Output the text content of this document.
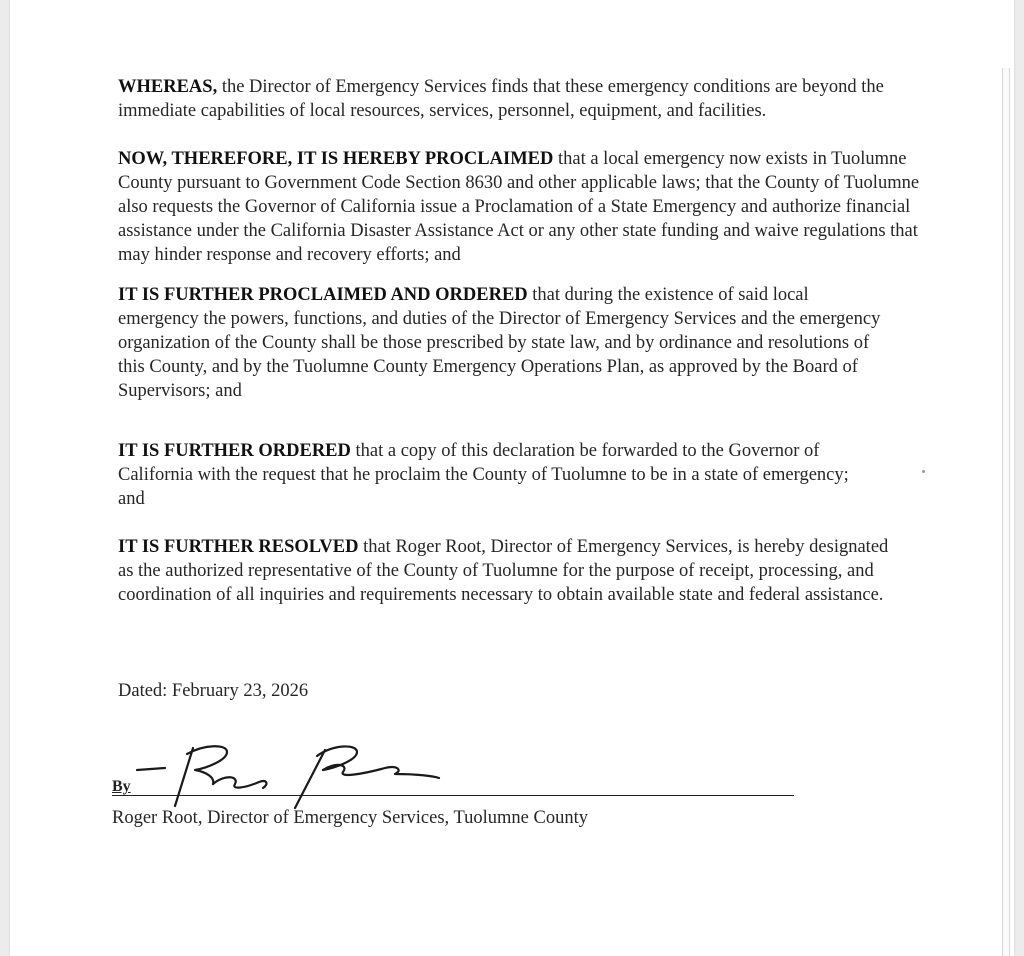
WHEREAS, the Director of Emergency Services finds that these emergency conditions are beyond the immediate capabilities of local resources, services, personnel, equipment, and facilities.

NOW, THEREFORE, IT IS HEREBY PROCLAIMED that a local emergency now exists in Tuolumne County pursuant to Government Code Section 8630 and other applicable laws; that the County of Tuolumne also requests the Governor of California issue a Proclamation of a State Emergency and authorize financial assistance under the California Disaster Assistance Act or any other state funding and waive regulations that may hinder response and recovery efforts; and

IT IS FURTHER PROCLAIMED AND ORDERED that during the existence of said local emergency the powers, functions, and duties of the Director of Emergency Services and the emergency organization of the County shall be those prescribed by state law, and by ordinance and resolutions of this County, and by the Tuolumne County Emergency Operations Plan, as approved by the Board of Supervisors; and

IT IS FURTHER ORDERED that a copy of this declaration be forwarded to the Governor of California with the request that he proclaim the County of Tuolumne to be in a state of emergency; and

IT IS FURTHER RESOLVED that Roger Root, Director of Emergency Services, is hereby designated as the authorized representative of the County of Tuolumne for the purpose of receipt, processing, and coordination of all inquiries and requirements necessary to obtain available state and federal assistance.

Dated: February 23, 2026
By
Roger Root, Director of Emergency Services, Tuolumne County
